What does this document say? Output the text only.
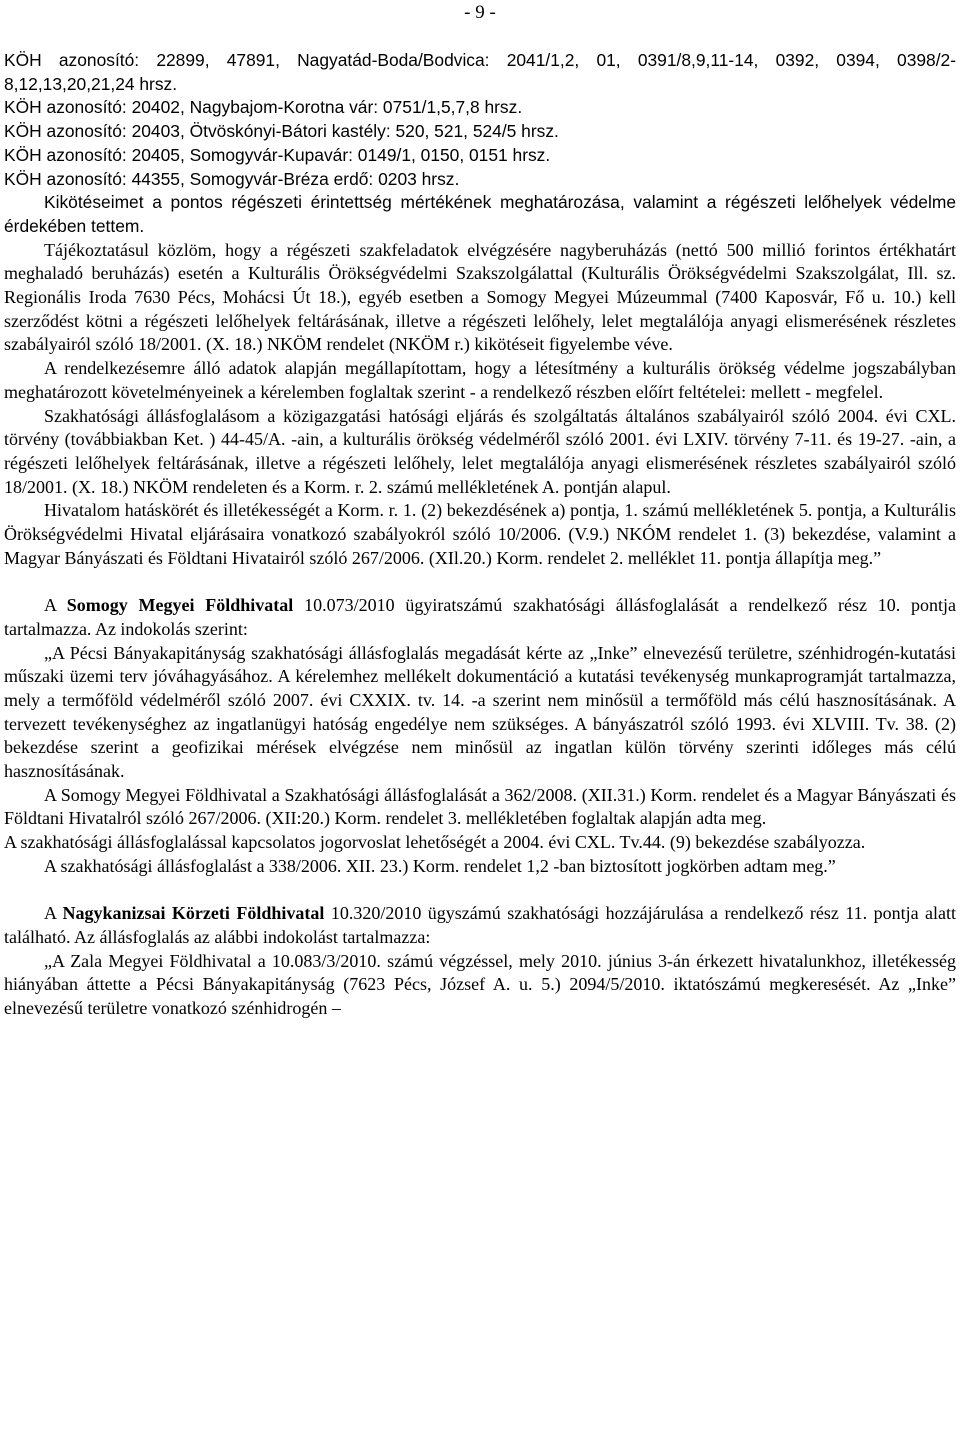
- 9 -

KÖH azonosító: 22899, 47891, Nagyatád-Boda/Bodvica: 2041/1,2, 01, 0391/8,9,11-14, 0392, 0394, 0398/2-8,12,13,20,21,24 hrsz.

KÖH azonosító: 20402, Nagybajom-Korotna vár: 0751/1,5,7,8 hrsz.

KÖH azonosító: 20403, Ötvöskónyi-Bátori kastély: 520, 521, 524/5 hrsz.

KÖH azonosító: 20405, Somogyvár-Kupavár: 0149/1, 0150, 0151 hrsz.

KÖH azonosító: 44355, Somogyvár-Bréza erdő: 0203 hrsz.

Kikötéseimet a pontos régészeti érintettség mértékének meghatározása, valamint a régészeti lelőhelyek védelme érdekében tettem.

Tájékoztatásul közlöm, hogy a régészeti szakfeladatok elvégzésére nagyberuházás (nettó 500 millió forintos értékhatárt meghaladó beruházás) esetén a Kulturális Örökségvédelmi Szakszolgálattal (Kulturális Örökségvédelmi Szakszolgálat, Ill. sz. Regionális Iroda 7630 Pécs, Mohácsi Út 18.), egyéb esetben a Somogy Megyei Múzeummal (7400 Kaposvár, Fő u. 10.) kell szerződést kötni a régészeti lelőhelyek feltárásának, illetve a régészeti lelőhely, lelet megtalálója anyagi elismerésének részletes szabályairól szóló 18/2001. (X. 18.) NKÖM rendelet (NKÖM r.) kikötéseit figyelembe véve.

A rendelkezésemre álló adatok alapján megállapítottam, hogy a létesítmény a kulturális örökség védelme jogszabályban meghatározott követelményeinek a kérelemben foglaltak szerint - a rendelkező részben előírt feltételei: mellett - megfelel.

Szakhatósági állásfoglalásom a közigazgatási hatósági eljárás és szolgáltatás általános szabályairól szóló 2004. évi CXL. törvény (továbbiakban Ket. ) 44-45/A. -ain, a kulturális örökség védelméről szóló 2001. évi LXIV. törvény 7-11. és 19-27. -ain, a régészeti lelőhelyek feltárásának, illetve a régészeti lelőhely, lelet megtalálója anyagi elismerésének részletes szabályairól szóló 18/2001. (X. 18.) NKÖM rendeleten és a Korm. r. 2. számú mellékletének A. pontján alapul.

Hivatalom hatáskörét és illetékességét a Korm. r. 1. (2) bekezdésének a) pontja, 1. számú mellékletének 5. pontja, a Kulturális Örökségvédelmi Hivatal eljárásaira vonatkozó szabályokról szóló 10/2006. (V.9.) NKÓM rendelet 1. (3) bekezdése, valamint a Magyar Bányászati és Földtani Hivatairól szóló 267/2006. (XIl.20.) Korm. rendelet 2. melléklet 11. pontja állapítja meg.”

A Somogy Megyei Földhivatal 10.073/2010 ügyiratszámú szakhatósági állásfoglalását a rendelkező rész 10. pontja tartalmazza. Az indokolás szerint:

„A Pécsi Bányakapitányság szakhatósági állásfoglalás megadását kérte az „Inke” elnevezésű területre, szénhidrogén-kutatási műszaki üzemi terv jóváhagyásához. A kérelemhez mellékelt dokumentáció a kutatási tevékenység munkaprogramját tartalmazza, mely a termőföld védelméről szóló 2007. évi CXXIX. tv. 14. -a szerint nem minősül a termőföld más célú hasznosításának. A tervezett tevékenységhez az ingatlanügyi hatóság engedélye nem szükséges. A bányászatról szóló 1993. évi XLVIII. Tv. 38. (2) bekezdése szerint a geofizikai mérések elvégzése nem minősül az ingatlan külön törvény szerinti időleges más célú hasznosításának.

A Somogy Megyei Földhivatal a Szakhatósági állásfoglalását a 362/2008. (XII.31.) Korm. rendelet és a Magyar Bányászati és Földtani Hivatalról szóló 267/2006. (XII:20.) Korm. rendelet 3. mellékletében foglaltak alapján adta meg.

A szakhatósági állásfoglalással kapcsolatos jogorvoslat lehetőségét a 2004. évi CXL. Tv.44. (9) bekezdése szabályozza.

A szakhatósági állásfoglalást a 338/2006. XII. 23.) Korm. rendelet 1,2 -ban biztosított jogkörben adtam meg.”

A Nagykanizsai Körzeti Földhivatal 10.320/2010 ügyszámú szakhatósági hozzájárulása a rendelkező rész 11. pontja alatt található. Az állásfoglalás az alábbi indokolást tartalmazza:

„A Zala Megyei Földhivatal a 10.083/3/2010. számú végzéssel, mely 2010. június 3-án érkezett hivatalunkhoz, illetékesség hiányában áttette a Pécsi Bányakapitányság (7623 Pécs, József A. u. 5.) 2094/5/2010. iktatószámú megkeresését. Az „Inke” elnevezésű területre vonatkozó szénhidrogén –
